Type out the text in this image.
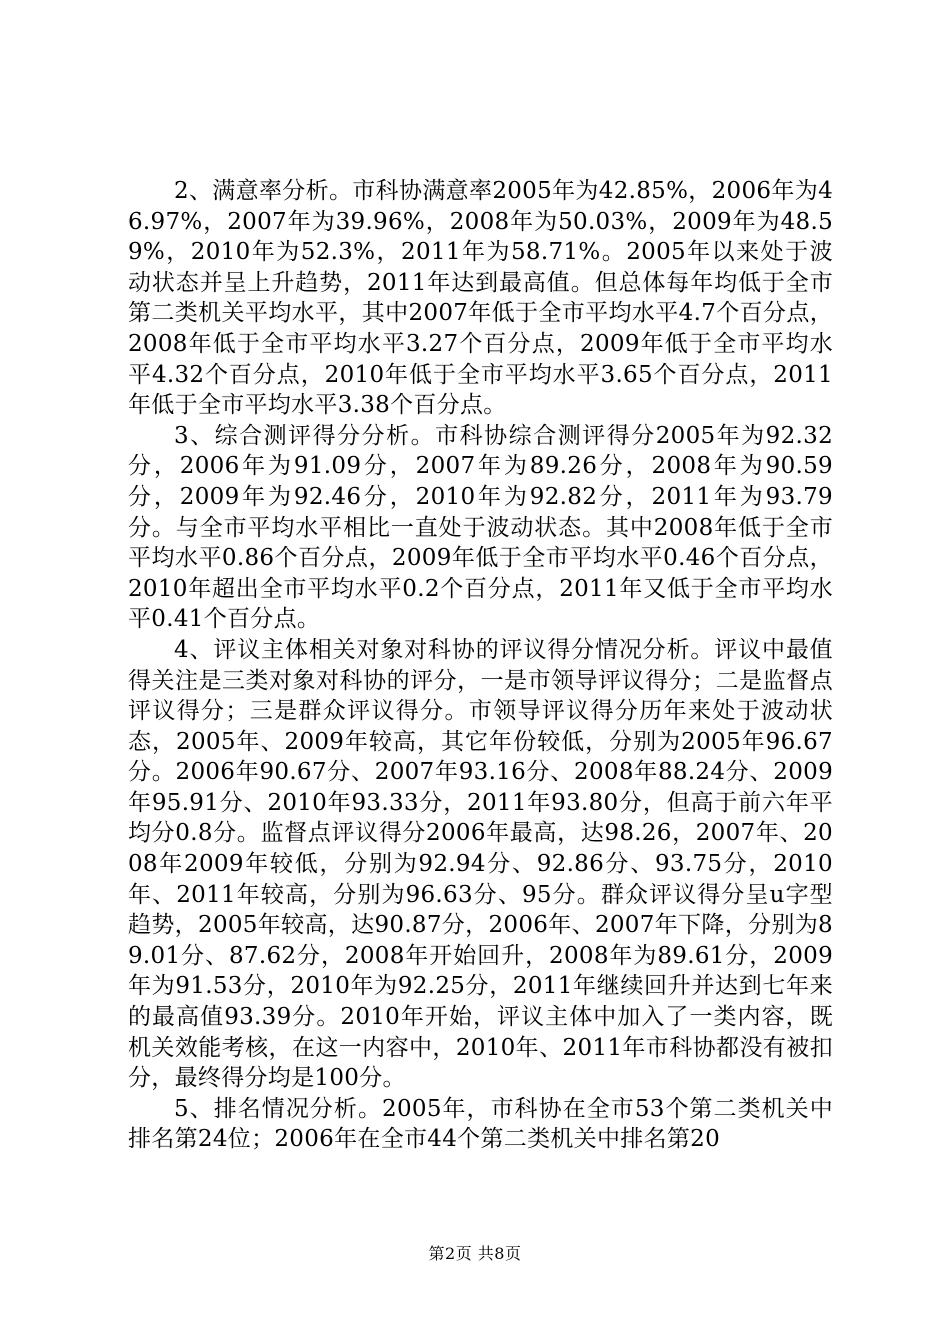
2、满意率分析。市科协满意率2005年为42.85%，2006年为46.97%，2007年为39.96%，2008年为50.03%，2009年为48.59%，2010年为52.3%，2011年为58.71%。2005年以来处于波动状态并呈上升趋势，2011年达到最高值。但总体每年均低于全市第二类机关平均水平，其中2007年低于全市平均水平4.7个百分点，2008年低于全市平均水平3.27个百分点，2009年低于全市平均水平4.32个百分点，2010年低于全市平均水平3.65个百分点，2011年低于全市平均水平3.38个百分点。

3、综合测评得分分析。市科协综合测评得分2005年为92.32分，2006年为91.09分，2007年为89.26分，2008年为90.59分，2009年为92.46分，2010年为92.82分，2011年为93.79分。与全市平均水平相比一直处于波动状态。其中2008年低于全市平均水平0.86个百分点，2009年低于全市平均水平0.46个百分点，2010年超出全市平均水平0.2个百分点，2011年又低于全市平均水平0.41个百分点。

4、评议主体相关对象对科协的评议得分情况分析。评议中最值得关注是三类对象对科协的评分，一是市领导评议得分；二是监督点评议得分；三是群众评议得分。市领导评议得分历年来处于波动状态，2005年、2009年较高，其它年份较低，分别为2005年96.67分。2006年90.67分、2007年93.16分、2008年88.24分、2009年95.91分、2010年93.33分，2011年93.80分，但高于前六年平均分0.8分。监督点评议得分2006年最高，达98.26，2007年、2008年2009年较低，分别为92.94分、92.86分、93.75分，2010年、2011年较高，分别为96.63分、95分。群众评议得分呈u字型趋势，2005年较高，达90.87分，2006年、2007年下降，分别为89.01分、87.62分，2008年开始回升，2008年为89.61分，2009年为91.53分，2010年为92.25分，2011年继续回升并达到七年来的最高值93.39分。2010年开始，评议主体中加入了一类内容，既机关效能考核，在这一内容中，2010年、2011年市科协都没有被扣分，最终得分均是100分。

5、排名情况分析。2005年，市科协在全市53个第二类机关中排名第24位；2006年在全市44个第二类机关中排名第20

第2页 共8页
